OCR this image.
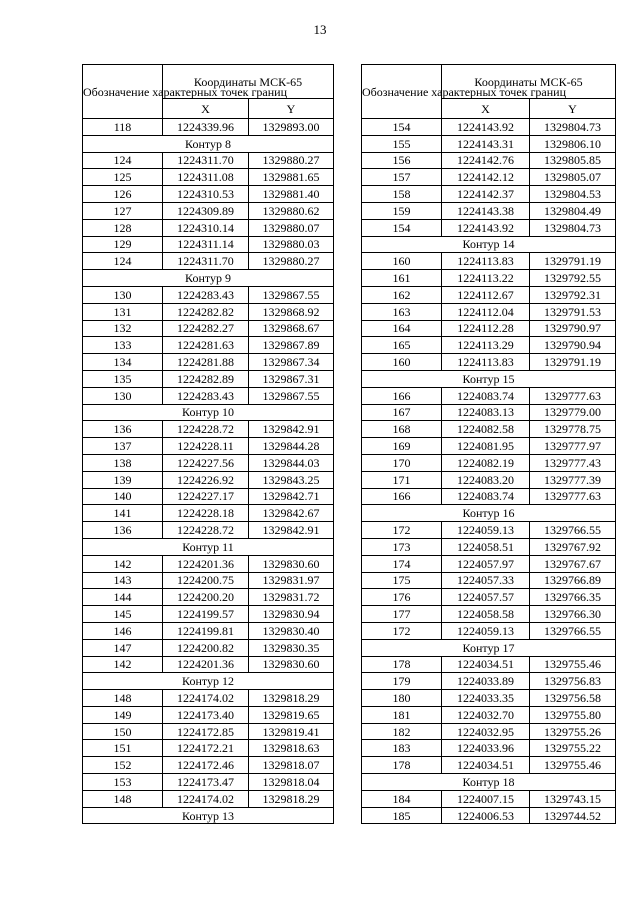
13
Обозначение характерных точек границ	Координаты МСК-65	
	X	Y
118	1224339.96	1329893.00
Контур 8		
124	1224311.70	1329880.27
125	1224311.08	1329881.65
126	1224310.53	1329881.40
127	1224309.89	1329880.62
128	1224310.14	1329880.07
129	1224311.14	1329880.03
124	1224311.70	1329880.27
Контур 9		
130	1224283.43	1329867.55
131	1224282.82	1329868.92
132	1224282.27	1329868.67
133	1224281.63	1329867.89
134	1224281.88	1329867.34
135	1224282.89	1329867.31
130	1224283.43	1329867.55
Контур 10		
136	1224228.72	1329842.91
137	1224228.11	1329844.28
138	1224227.56	1329844.03
139	1224226.92	1329843.25
140	1224227.17	1329842.71
141	1224228.18	1329842.67
136	1224228.72	1329842.91
Контур 11		
142	1224201.36	1329830.60
143	1224200.75	1329831.97
144	1224200.20	1329831.72
145	1224199.57	1329830.94
146	1224199.81	1329830.40
147	1224200.82	1329830.35
142	1224201.36	1329830.60
Контур 12		
148	1224174.02	1329818.29
149	1224173.40	1329819.65
150	1224172.85	1329819.41
151	1224172.21	1329818.63
152	1224172.46	1329818.07
153	1224173.47	1329818.04
148	1224174.02	1329818.29
Контур 13		
Обозначение характерных точек границ	Координаты МСК-65	
	X	Y
154	1224143.92	1329804.73
155	1224143.31	1329806.10
156	1224142.76	1329805.85
157	1224142.12	1329805.07
158	1224142.37	1329804.53
159	1224143.38	1329804.49
154	1224143.92	1329804.73
Контур 14		
160	1224113.83	1329791.19
161	1224113.22	1329792.55
162	1224112.67	1329792.31
163	1224112.04	1329791.53
164	1224112.28	1329790.97
165	1224113.29	1329790.94
160	1224113.83	1329791.19
Контур 15		
166	1224083.74	1329777.63
167	1224083.13	1329779.00
168	1224082.58	1329778.75
169	1224081.95	1329777.97
170	1224082.19	1329777.43
171	1224083.20	1329777.39
166	1224083.74	1329777.63
Контур 16		
172	1224059.13	1329766.55
173	1224058.51	1329767.92
174	1224057.97	1329767.67
175	1224057.33	1329766.89
176	1224057.57	1329766.35
177	1224058.58	1329766.30
172	1224059.13	1329766.55
Контур 17		
178	1224034.51	1329755.46
179	1224033.89	1329756.83
180	1224033.35	1329756.58
181	1224032.70	1329755.80
182	1224032.95	1329755.26
183	1224033.96	1329755.22
178	1224034.51	1329755.46
Контур 18		
184	1224007.15	1329743.15
185	1224006.53	1329744.52
